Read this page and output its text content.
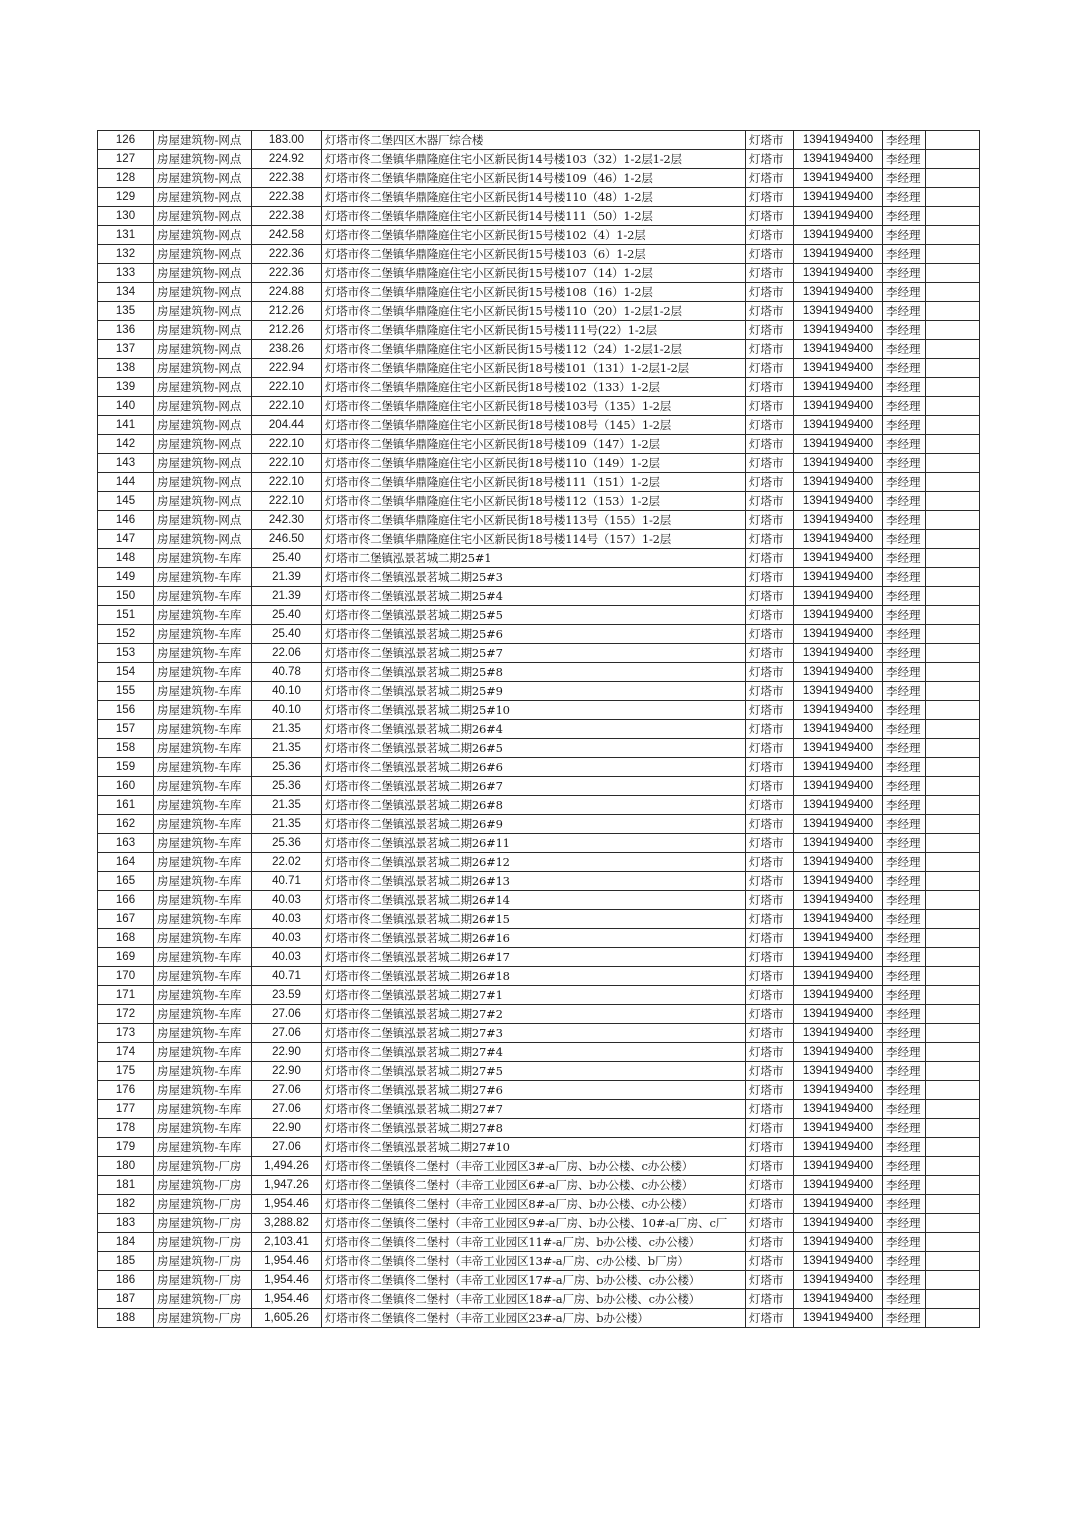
126	房屋建筑物-网点	183.00	灯塔市佟二堡四区木器厂综合楼	灯塔市	13941949400	李经理	
127	房屋建筑物-网点	224.92	灯塔市佟二堡镇华鼎隆庭住宅小区新民街14号楼103（32）1-2层1-2层	灯塔市	13941949400	李经理	
128	房屋建筑物-网点	222.38	灯塔市佟二堡镇华鼎隆庭住宅小区新民街14号楼109（46）1-2层	灯塔市	13941949400	李经理	
129	房屋建筑物-网点	222.38	灯塔市佟二堡镇华鼎隆庭住宅小区新民街14号楼110（48）1-2层	灯塔市	13941949400	李经理	
130	房屋建筑物-网点	222.38	灯塔市佟二堡镇华鼎隆庭住宅小区新民街14号楼111（50）1-2层	灯塔市	13941949400	李经理	
131	房屋建筑物-网点	242.58	灯塔市佟二堡镇华鼎隆庭住宅小区新民街15号楼102（4）1-2层	灯塔市	13941949400	李经理	
132	房屋建筑物-网点	222.36	灯塔市佟二堡镇华鼎隆庭住宅小区新民街15号楼103（6）1-2层	灯塔市	13941949400	李经理	
133	房屋建筑物-网点	222.36	灯塔市佟二堡镇华鼎隆庭住宅小区新民街15号楼107（14）1-2层	灯塔市	13941949400	李经理	
134	房屋建筑物-网点	224.88	灯塔市佟二堡镇华鼎隆庭住宅小区新民街15号楼108（16）1-2层	灯塔市	13941949400	李经理	
135	房屋建筑物-网点	212.26	灯塔市佟二堡镇华鼎隆庭住宅小区新民街15号楼110（20）1-2层1-2层	灯塔市	13941949400	李经理	
136	房屋建筑物-网点	212.26	灯塔市佟二堡镇华鼎隆庭住宅小区新民街15号楼111号(22）1-2层	灯塔市	13941949400	李经理	
137	房屋建筑物-网点	238.26	灯塔市佟二堡镇华鼎隆庭住宅小区新民街15号楼112（24）1-2层1-2层	灯塔市	13941949400	李经理	
138	房屋建筑物-网点	222.94	灯塔市佟二堡镇华鼎隆庭住宅小区新民街18号楼101（131）1-2层1-2层	灯塔市	13941949400	李经理	
139	房屋建筑物-网点	222.10	灯塔市佟二堡镇华鼎隆庭住宅小区新民街18号楼102（133）1-2层	灯塔市	13941949400	李经理	
140	房屋建筑物-网点	222.10	灯塔市佟二堡镇华鼎隆庭住宅小区新民街18号楼103号（135）1-2层	灯塔市	13941949400	李经理	
141	房屋建筑物-网点	204.44	灯塔市佟二堡镇华鼎隆庭住宅小区新民街18号楼108号（145）1-2层	灯塔市	13941949400	李经理	
142	房屋建筑物-网点	222.10	灯塔市佟二堡镇华鼎隆庭住宅小区新民街18号楼109（147）1-2层	灯塔市	13941949400	李经理	
143	房屋建筑物-网点	222.10	灯塔市佟二堡镇华鼎隆庭住宅小区新民街18号楼110（149）1-2层	灯塔市	13941949400	李经理	
144	房屋建筑物-网点	222.10	灯塔市佟二堡镇华鼎隆庭住宅小区新民街18号楼111（151）1-2层	灯塔市	13941949400	李经理	
145	房屋建筑物-网点	222.10	灯塔市佟二堡镇华鼎隆庭住宅小区新民街18号楼112（153）1-2层	灯塔市	13941949400	李经理	
146	房屋建筑物-网点	242.30	灯塔市佟二堡镇华鼎隆庭住宅小区新民街18号楼113号（155）1-2层	灯塔市	13941949400	李经理	
147	房屋建筑物-网点	246.50	灯塔市佟二堡镇华鼎隆庭住宅小区新民街18号楼114号（157）1-2层	灯塔市	13941949400	李经理	
148	房屋建筑物-车库	25.40	灯塔市二堡镇泓景茗城二期25#1	灯塔市	13941949400	李经理	
149	房屋建筑物-车库	21.39	灯塔市佟二堡镇泓景茗城二期25#3	灯塔市	13941949400	李经理	
150	房屋建筑物-车库	21.39	灯塔市佟二堡镇泓景茗城二期25#4	灯塔市	13941949400	李经理	
151	房屋建筑物-车库	25.40	灯塔市佟二堡镇泓景茗城二期25#5	灯塔市	13941949400	李经理	
152	房屋建筑物-车库	25.40	灯塔市佟二堡镇泓景茗城二期25#6	灯塔市	13941949400	李经理	
153	房屋建筑物-车库	22.06	灯塔市佟二堡镇泓景茗城二期25#7	灯塔市	13941949400	李经理	
154	房屋建筑物-车库	40.78	灯塔市佟二堡镇泓景茗城二期25#8	灯塔市	13941949400	李经理	
155	房屋建筑物-车库	40.10	灯塔市佟二堡镇泓景茗城二期25#9	灯塔市	13941949400	李经理	
156	房屋建筑物-车库	40.10	灯塔市佟二堡镇泓景茗城二期25#10	灯塔市	13941949400	李经理	
157	房屋建筑物-车库	21.35	灯塔市佟二堡镇泓景茗城二期26#4	灯塔市	13941949400	李经理	
158	房屋建筑物-车库	21.35	灯塔市佟二堡镇泓景茗城二期26#5	灯塔市	13941949400	李经理	
159	房屋建筑物-车库	25.36	灯塔市佟二堡镇泓景茗城二期26#6	灯塔市	13941949400	李经理	
160	房屋建筑物-车库	25.36	灯塔市佟二堡镇泓景茗城二期26#7	灯塔市	13941949400	李经理	
161	房屋建筑物-车库	21.35	灯塔市佟二堡镇泓景茗城二期26#8	灯塔市	13941949400	李经理	
162	房屋建筑物-车库	21.35	灯塔市佟二堡镇泓景茗城二期26#9	灯塔市	13941949400	李经理	
163	房屋建筑物-车库	25.36	灯塔市佟二堡镇泓景茗城二期26#11	灯塔市	13941949400	李经理	
164	房屋建筑物-车库	22.02	灯塔市佟二堡镇泓景茗城二期26#12	灯塔市	13941949400	李经理	
165	房屋建筑物-车库	40.71	灯塔市佟二堡镇泓景茗城二期26#13	灯塔市	13941949400	李经理	
166	房屋建筑物-车库	40.03	灯塔市佟二堡镇泓景茗城二期26#14	灯塔市	13941949400	李经理	
167	房屋建筑物-车库	40.03	灯塔市佟二堡镇泓景茗城二期26#15	灯塔市	13941949400	李经理	
168	房屋建筑物-车库	40.03	灯塔市佟二堡镇泓景茗城二期26#16	灯塔市	13941949400	李经理	
169	房屋建筑物-车库	40.03	灯塔市佟二堡镇泓景茗城二期26#17	灯塔市	13941949400	李经理	
170	房屋建筑物-车库	40.71	灯塔市佟二堡镇泓景茗城二期26#18	灯塔市	13941949400	李经理	
171	房屋建筑物-车库	23.59	灯塔市佟二堡镇泓景茗城二期27#1	灯塔市	13941949400	李经理	
172	房屋建筑物-车库	27.06	灯塔市佟二堡镇泓景茗城二期27#2	灯塔市	13941949400	李经理	
173	房屋建筑物-车库	27.06	灯塔市佟二堡镇泓景茗城二期27#3	灯塔市	13941949400	李经理	
174	房屋建筑物-车库	22.90	灯塔市佟二堡镇泓景茗城二期27#4	灯塔市	13941949400	李经理	
175	房屋建筑物-车库	22.90	灯塔市佟二堡镇泓景茗城二期27#5	灯塔市	13941949400	李经理	
176	房屋建筑物-车库	27.06	灯塔市佟二堡镇泓景茗城二期27#6	灯塔市	13941949400	李经理	
177	房屋建筑物-车库	27.06	灯塔市佟二堡镇泓景茗城二期27#7	灯塔市	13941949400	李经理	
178	房屋建筑物-车库	22.90	灯塔市佟二堡镇泓景茗城二期27#8	灯塔市	13941949400	李经理	
179	房屋建筑物-车库	27.06	灯塔市佟二堡镇泓景茗城二期27#10	灯塔市	13941949400	李经理	
180	房屋建筑物-厂房	1,494.26	灯塔市佟二堡镇佟二堡村（丰帝工业园区3#-a厂房、b办公楼、c办公楼）	灯塔市	13941949400	李经理	
181	房屋建筑物-厂房	1,947.26	灯塔市佟二堡镇佟二堡村（丰帝工业园区6#-a厂房、b办公楼、c办公楼）	灯塔市	13941949400	李经理	
182	房屋建筑物-厂房	1,954.46	灯塔市佟二堡镇佟二堡村（丰帝工业园区8#-a厂房、b办公楼、c办公楼）	灯塔市	13941949400	李经理	
183	房屋建筑物-厂房	3,288.82	灯塔市佟二堡镇佟二堡村（丰帝工业园区9#-a厂房、b办公楼、10#-a厂房、c厂	灯塔市	13941949400	李经理	
184	房屋建筑物-厂房	2,103.41	灯塔市佟二堡镇佟二堡村（丰帝工业园区11#-a厂房、b办公楼、c办公楼）	灯塔市	13941949400	李经理	
185	房屋建筑物-厂房	1,954.46	灯塔市佟二堡镇佟二堡村（丰帝工业园区13#-a厂房、c办公楼、b厂房）	灯塔市	13941949400	李经理	
186	房屋建筑物-厂房	1,954.46	灯塔市佟二堡镇佟二堡村（丰帝工业园区17#-a厂房、b办公楼、c办公楼）	灯塔市	13941949400	李经理	
187	房屋建筑物-厂房	1,954.46	灯塔市佟二堡镇佟二堡村（丰帝工业园区18#-a厂房、b办公楼、c办公楼）	灯塔市	13941949400	李经理	
188	房屋建筑物-厂房	1,605.26	灯塔市佟二堡镇佟二堡村（丰帝工业园区23#-a厂房、b办公楼）	灯塔市	13941949400	李经理	
